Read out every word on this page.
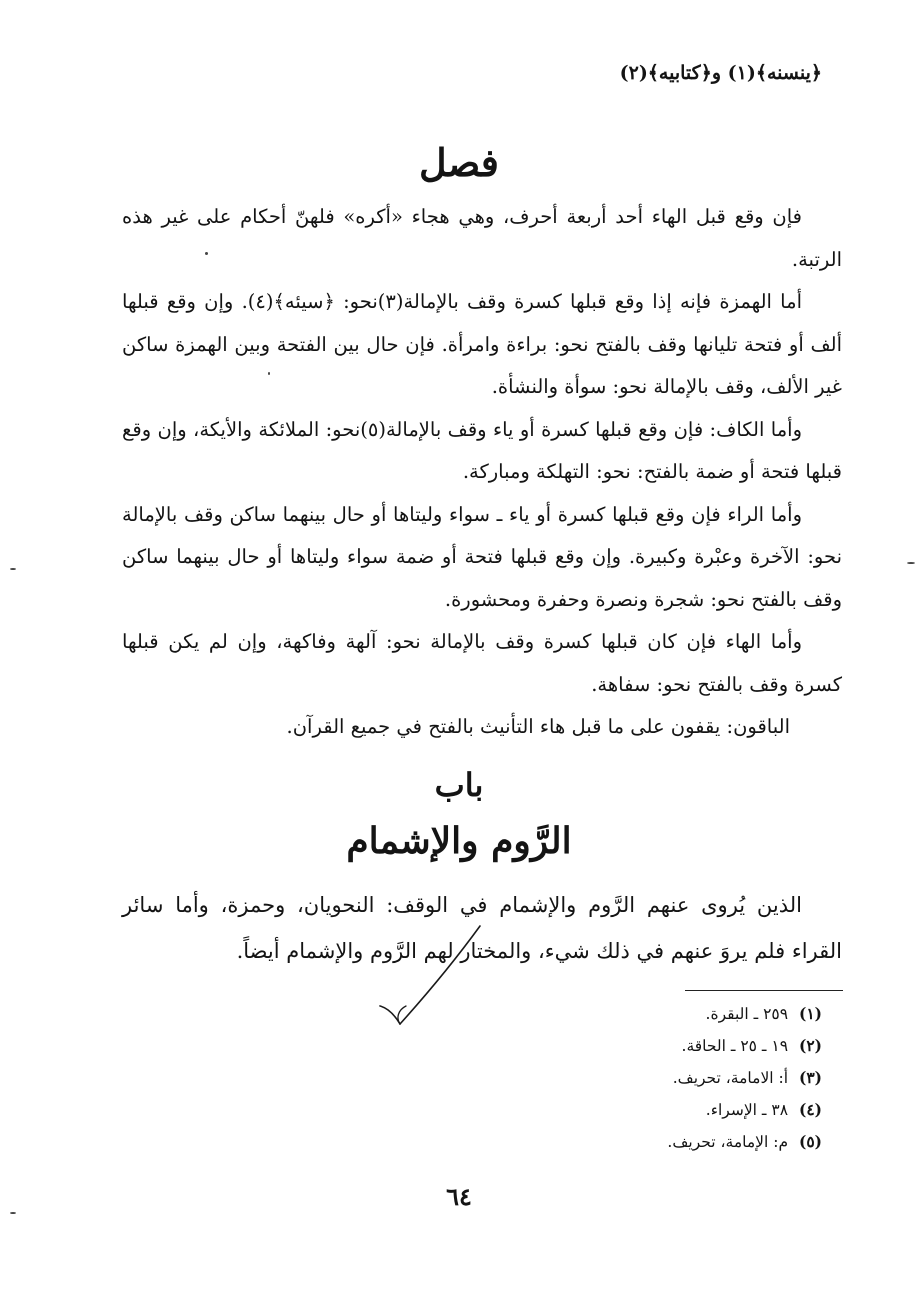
﴿ينسنه﴾(١) و﴿كتابيه﴾(٢)
فصل

فإن وقع قبل الهاء أحد أربعة أحرف، وهي هجاء «أكره» فلهنّ أحكام على غير هذه الرتبة.

أما الهمزة فإنه إذا وقع قبلها كسرة وقف بالإمالة(٣)نحو: ﴿سيئه﴾(٤). وإن وقع قبلها ألف أو فتحة تليانها وقف بالفتح نحو: براءة وامرأة. فإن حال بين الفتحة وبين الهمزة ساكن غير الألف، وقف بالإمالة نحو: سوأة والنشأة.

وأما الكاف: فإن وقع قبلها كسرة أو ياء وقف بالإمالة(٥)نحو: الملائكة والأيكة، وإن وقع قبلها فتحة أو ضمة بالفتح: نحو: التهلكة ومباركة.

وأما الراء فإن وقع قبلها كسرة أو ياء ـ سواء وليتاها أو حال بينهما ساكن وقف بالإمالة نحو: الآخرة وعبْرة وكبيرة. وإن وقع قبلها فتحة أو ضمة سواء وليتاها أو حال بينهما ساكن وقف بالفتح نحو: شجرة ونصرة وحفرة ومحشورة.

وأما الهاء فإن كان قبلها كسرة وقف بالإمالة نحو: آلهة وفاكهة، وإن لم يكن قبلها كسرة وقف بالفتح نحو: سفاهة.

الباقون: يقفون على ما قبل هاء التأنيث بالفتح في جميع القرآن.

باب
الرَّوم والإشمام

الذين يُروى عنهم الرَّوم والإشمام في الوقف: النحويان، وحمزة، وأما سائر القراء فلم يروَ عنهم في ذلك شيء، والمختار لهم الرَّوم والإشمام أيضاً.

(١) ٢٥٩ ـ البقرة.
(٢) ١٩ ـ ٢٥ ـ الحاقة.
(٣) أ: الامامة، تحريف.
(٤) ٣٨ ـ الإسراء.
(٥) م: الإمامة، تحريف.
٦٤
